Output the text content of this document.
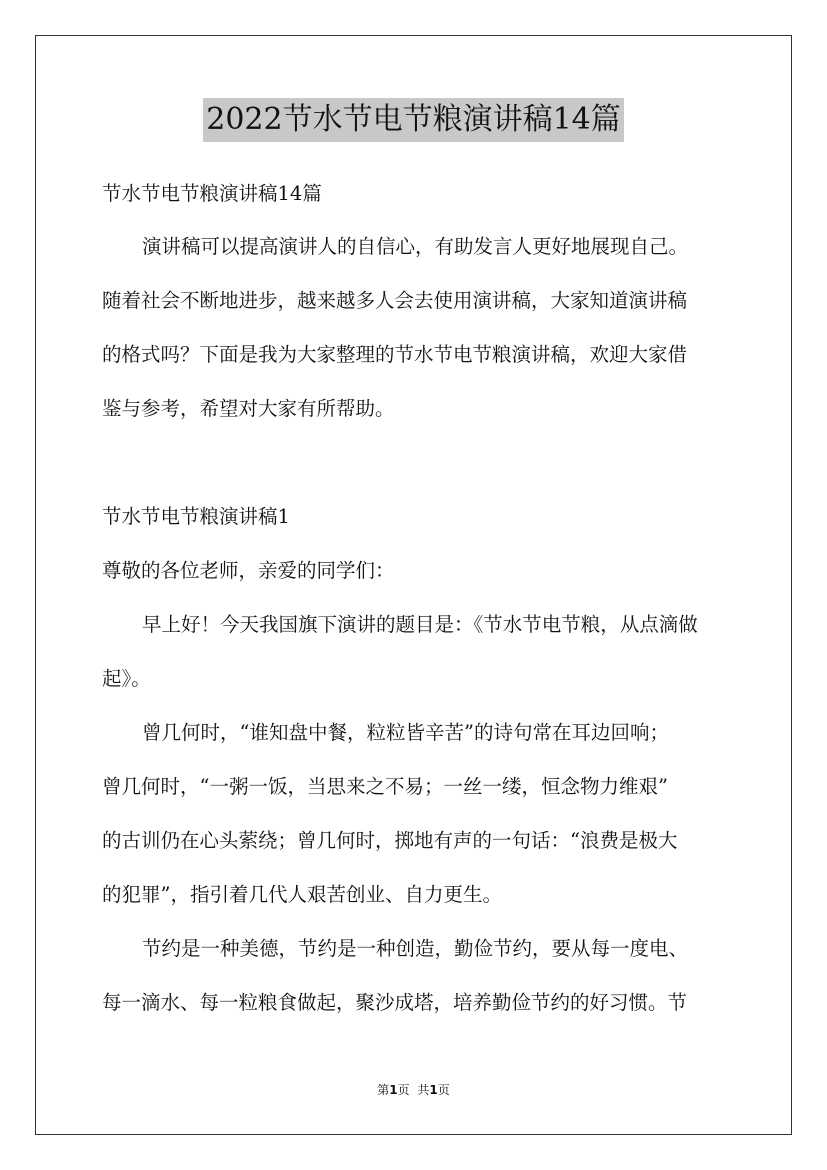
2022节水节电节粮演讲稿14篇
节水节电节粮演讲稿14篇
演讲稿可以提高演讲人的自信心，有助发言人更好地展现自己。
随着社会不断地进步，越来越多人会去使用演讲稿，大家知道演讲稿
的格式吗？下面是我为大家整理的节水节电节粮演讲稿，欢迎大家借
鉴与参考，希望对大家有所帮助。
节水节电节粮演讲稿1
尊敬的各位老师，亲爱的同学们：
早上好！今天我国旗下演讲的题目是：《节水节电节粮，从点滴做
起》。
曾几何时，“谁知盘中餐，粒粒皆辛苦”的诗句常在耳边回响；
曾几何时，“一粥一饭，当思来之不易；一丝一缕，恒念物力维艰”
的古训仍在心头萦绕；曾几何时，掷地有声的一句话：“浪费是极大
的犯罪”，指引着几代人艰苦创业、自力更生。
节约是一种美德，节约是一种创造，勤俭节约，要从每一度电、
每一滴水、每一粒粮食做起，聚沙成塔，培养勤俭节约的好习惯。节
第1页 共1页
